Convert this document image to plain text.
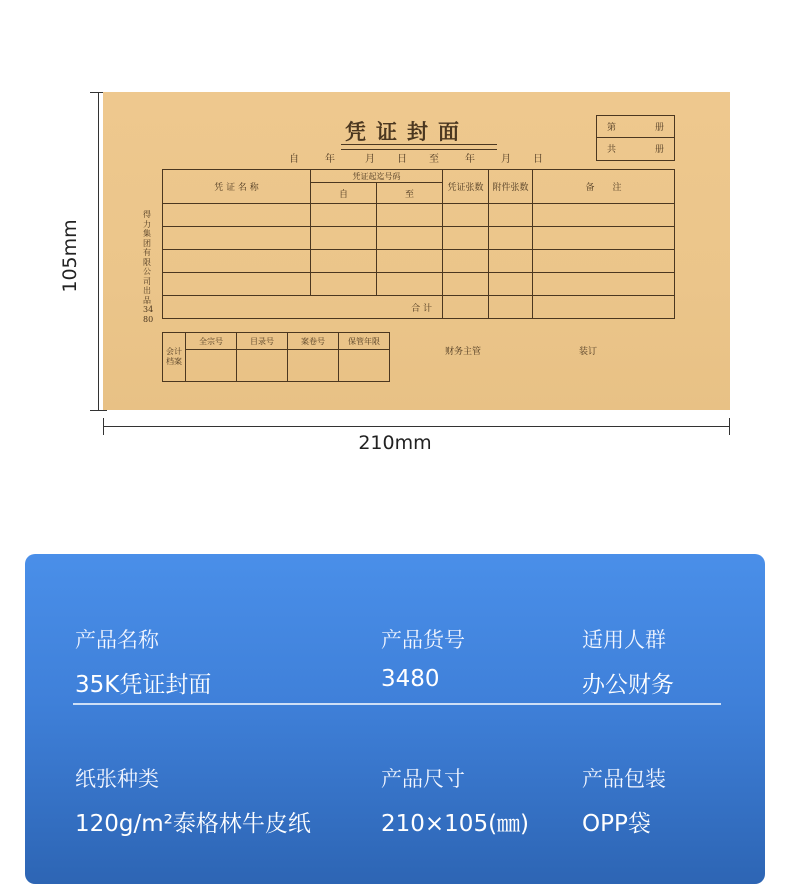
105mm
210mm
凭证封面
自	年	月 日 至	年	月 日
第	册
共	册
得力集团有限公司出品 3480
凭 证 名 称	凭证起迄号码		凭证张数	附件张数	备　　注
	自	至			

合 计					
会计档案	全宗号	目录号	案卷号	保管年限

财务主管	装订
产品名称
35K凭证封面
产品货号
3480
适用人群
办公财务
纸张种类
120g/m²泰格林牛皮纸
产品尺寸
210×105(㎜)
产品包装
OPP袋
